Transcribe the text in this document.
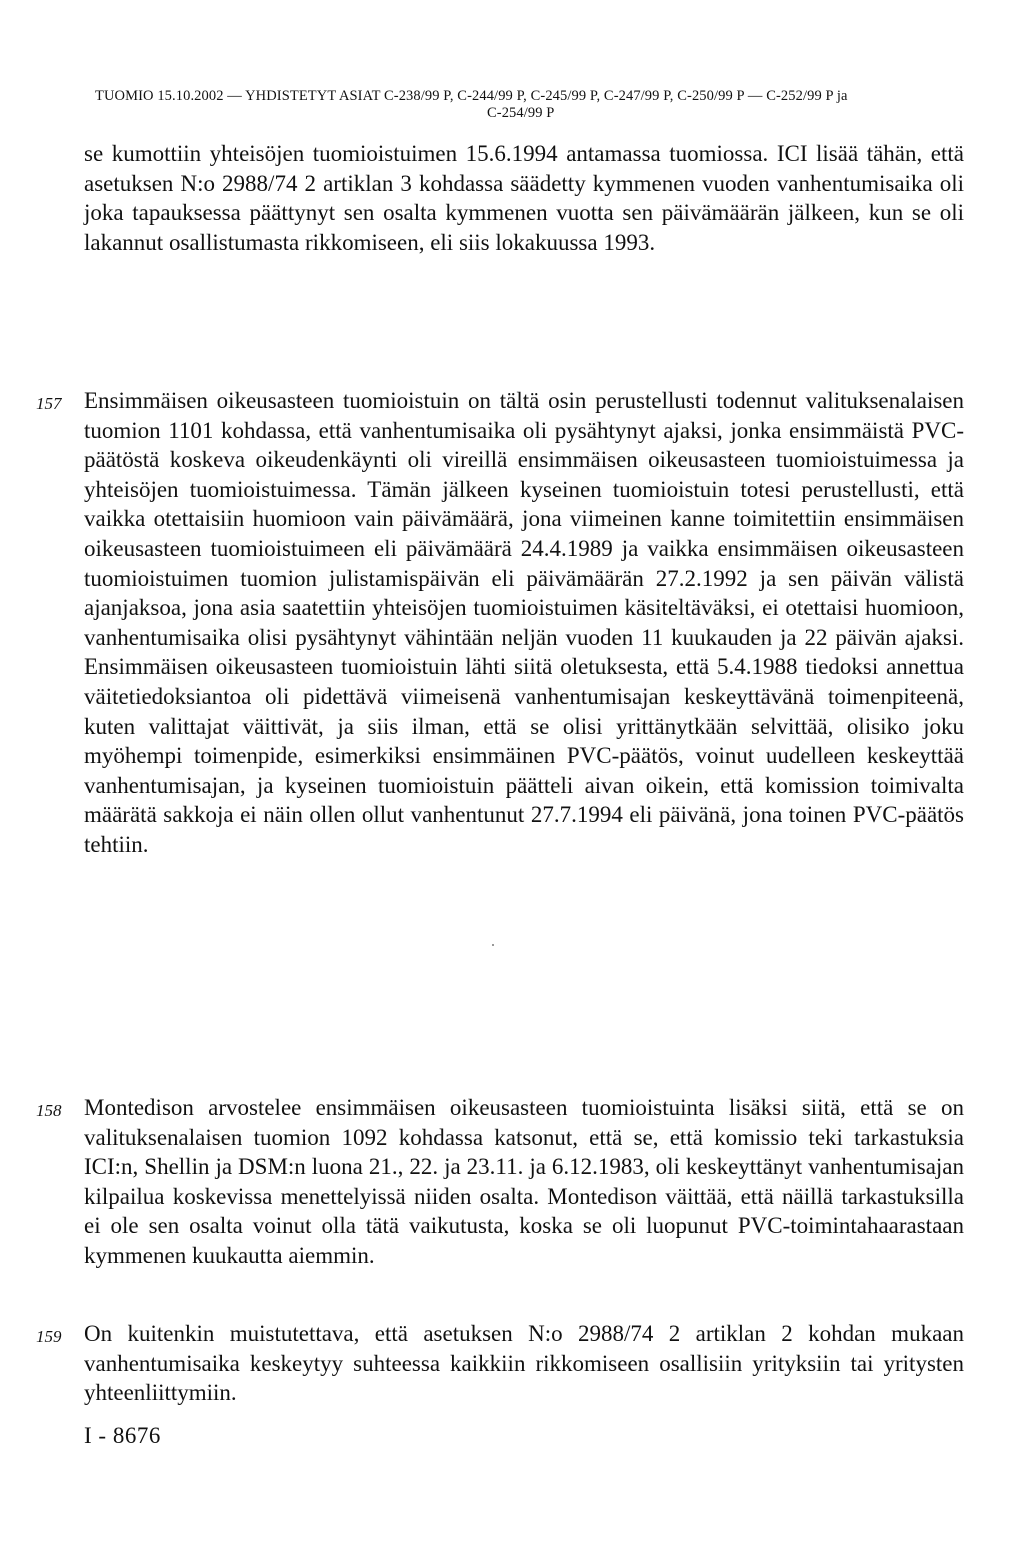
TUOMIO 15.10.2002 — YHDISTETYT ASIAT C-238/99 P, C-244/99 P, C-245/99 P, C-247/99 P, C-250/99 P — C-252/99 P ja
C-254/99 P

se kumottiin yhteisöjen tuomioistuimen 15.6.1994 antamassa tuomiossa. ICI lisää tähän, että asetuksen N:o 2988/74 2 artiklan 3 kohdassa säädetty kymmenen vuoden vanhentumisaika oli joka tapauksessa päättynyt sen osalta kymmenen vuotta sen päivämäärän jälkeen, kun se oli lakannut osallistumasta rikkomiseen, eli siis lokakuussa 1993.

157 Ensimmäisen oikeusasteen tuomioistuin on tältä osin perustellusti todennut valituksenalaisen tuomion 1101 kohdassa, että vanhentumisaika oli pysähtynyt ajaksi, jonka ensimmäistä PVC-päätöstä koskeva oikeudenkäynti oli vireillä ensimmäisen oikeusasteen tuomioistuimessa ja yhteisöjen tuomioistuimessa. Tämän jälkeen kyseinen tuomioistuin totesi perustellusti, että vaikka otettaisiin huomioon vain päivämäärä, jona viimeinen kanne toimitettiin ensimmäisen oikeusasteen tuomioistuimeen eli päivämäärä 24.4.1989 ja vaikka ensimmäisen oikeusasteen tuomioistuimen tuomion julistamispäivän eli päivämäärän 27.2.1992 ja sen päivän välistä ajanjaksoa, jona asia saatettiin yhteisöjen tuomioistuimen käsiteltäväksi, ei otettaisi huomioon, vanhentumisaika olisi pysähtynyt vähintään neljän vuoden 11 kuukauden ja 22 päivän ajaksi. Ensimmäisen oikeusasteen tuomioistuin lähti siitä oletuksesta, että 5.4.1988 tiedoksi annettua väitetiedoksiantoa oli pidettävä viimeisenä vanhentumisajan keskeyttävänä toimenpiteenä, kuten valittajat väittivät, ja siis ilman, että se olisi yrittänytkään selvittää, olisiko joku myöhempi toimenpide, esimerkiksi ensimmäinen PVC-päätös, voinut uudelleen keskeyttää vanhentumisajan, ja kyseinen tuomioistuin päätteli aivan oikein, että komission toimivalta määrätä sakkoja ei näin ollen ollut vanhentunut 27.7.1994 eli päivänä, jona toinen PVC-päätös tehtiin.

158 Montedison arvostelee ensimmäisen oikeusasteen tuomioistuinta lisäksi siitä, että se on valituksenalaisen tuomion 1092 kohdassa katsonut, että se, että komissio teki tarkastuksia ICI:n, Shellin ja DSM:n luona 21., 22. ja 23.11. ja 6.12.1983, oli keskeyttänyt vanhentumisajan kilpailua koskevissa menettelyissä niiden osalta. Montedison väittää, että näillä tarkastuksilla ei ole sen osalta voinut olla tätä vaikutusta, koska se oli luopunut PVC-toimintahaarastaan kymmenen kuukautta aiemmin.

159 On kuitenkin muistutettava, että asetuksen N:o 2988/74 2 artiklan 2 kohdan mukaan vanhentumisaika keskeytyy suhteessa kaikkiin rikkomiseen osallisiin yrityksiin tai yritysten yhteenliittymiin.

I - 8676
